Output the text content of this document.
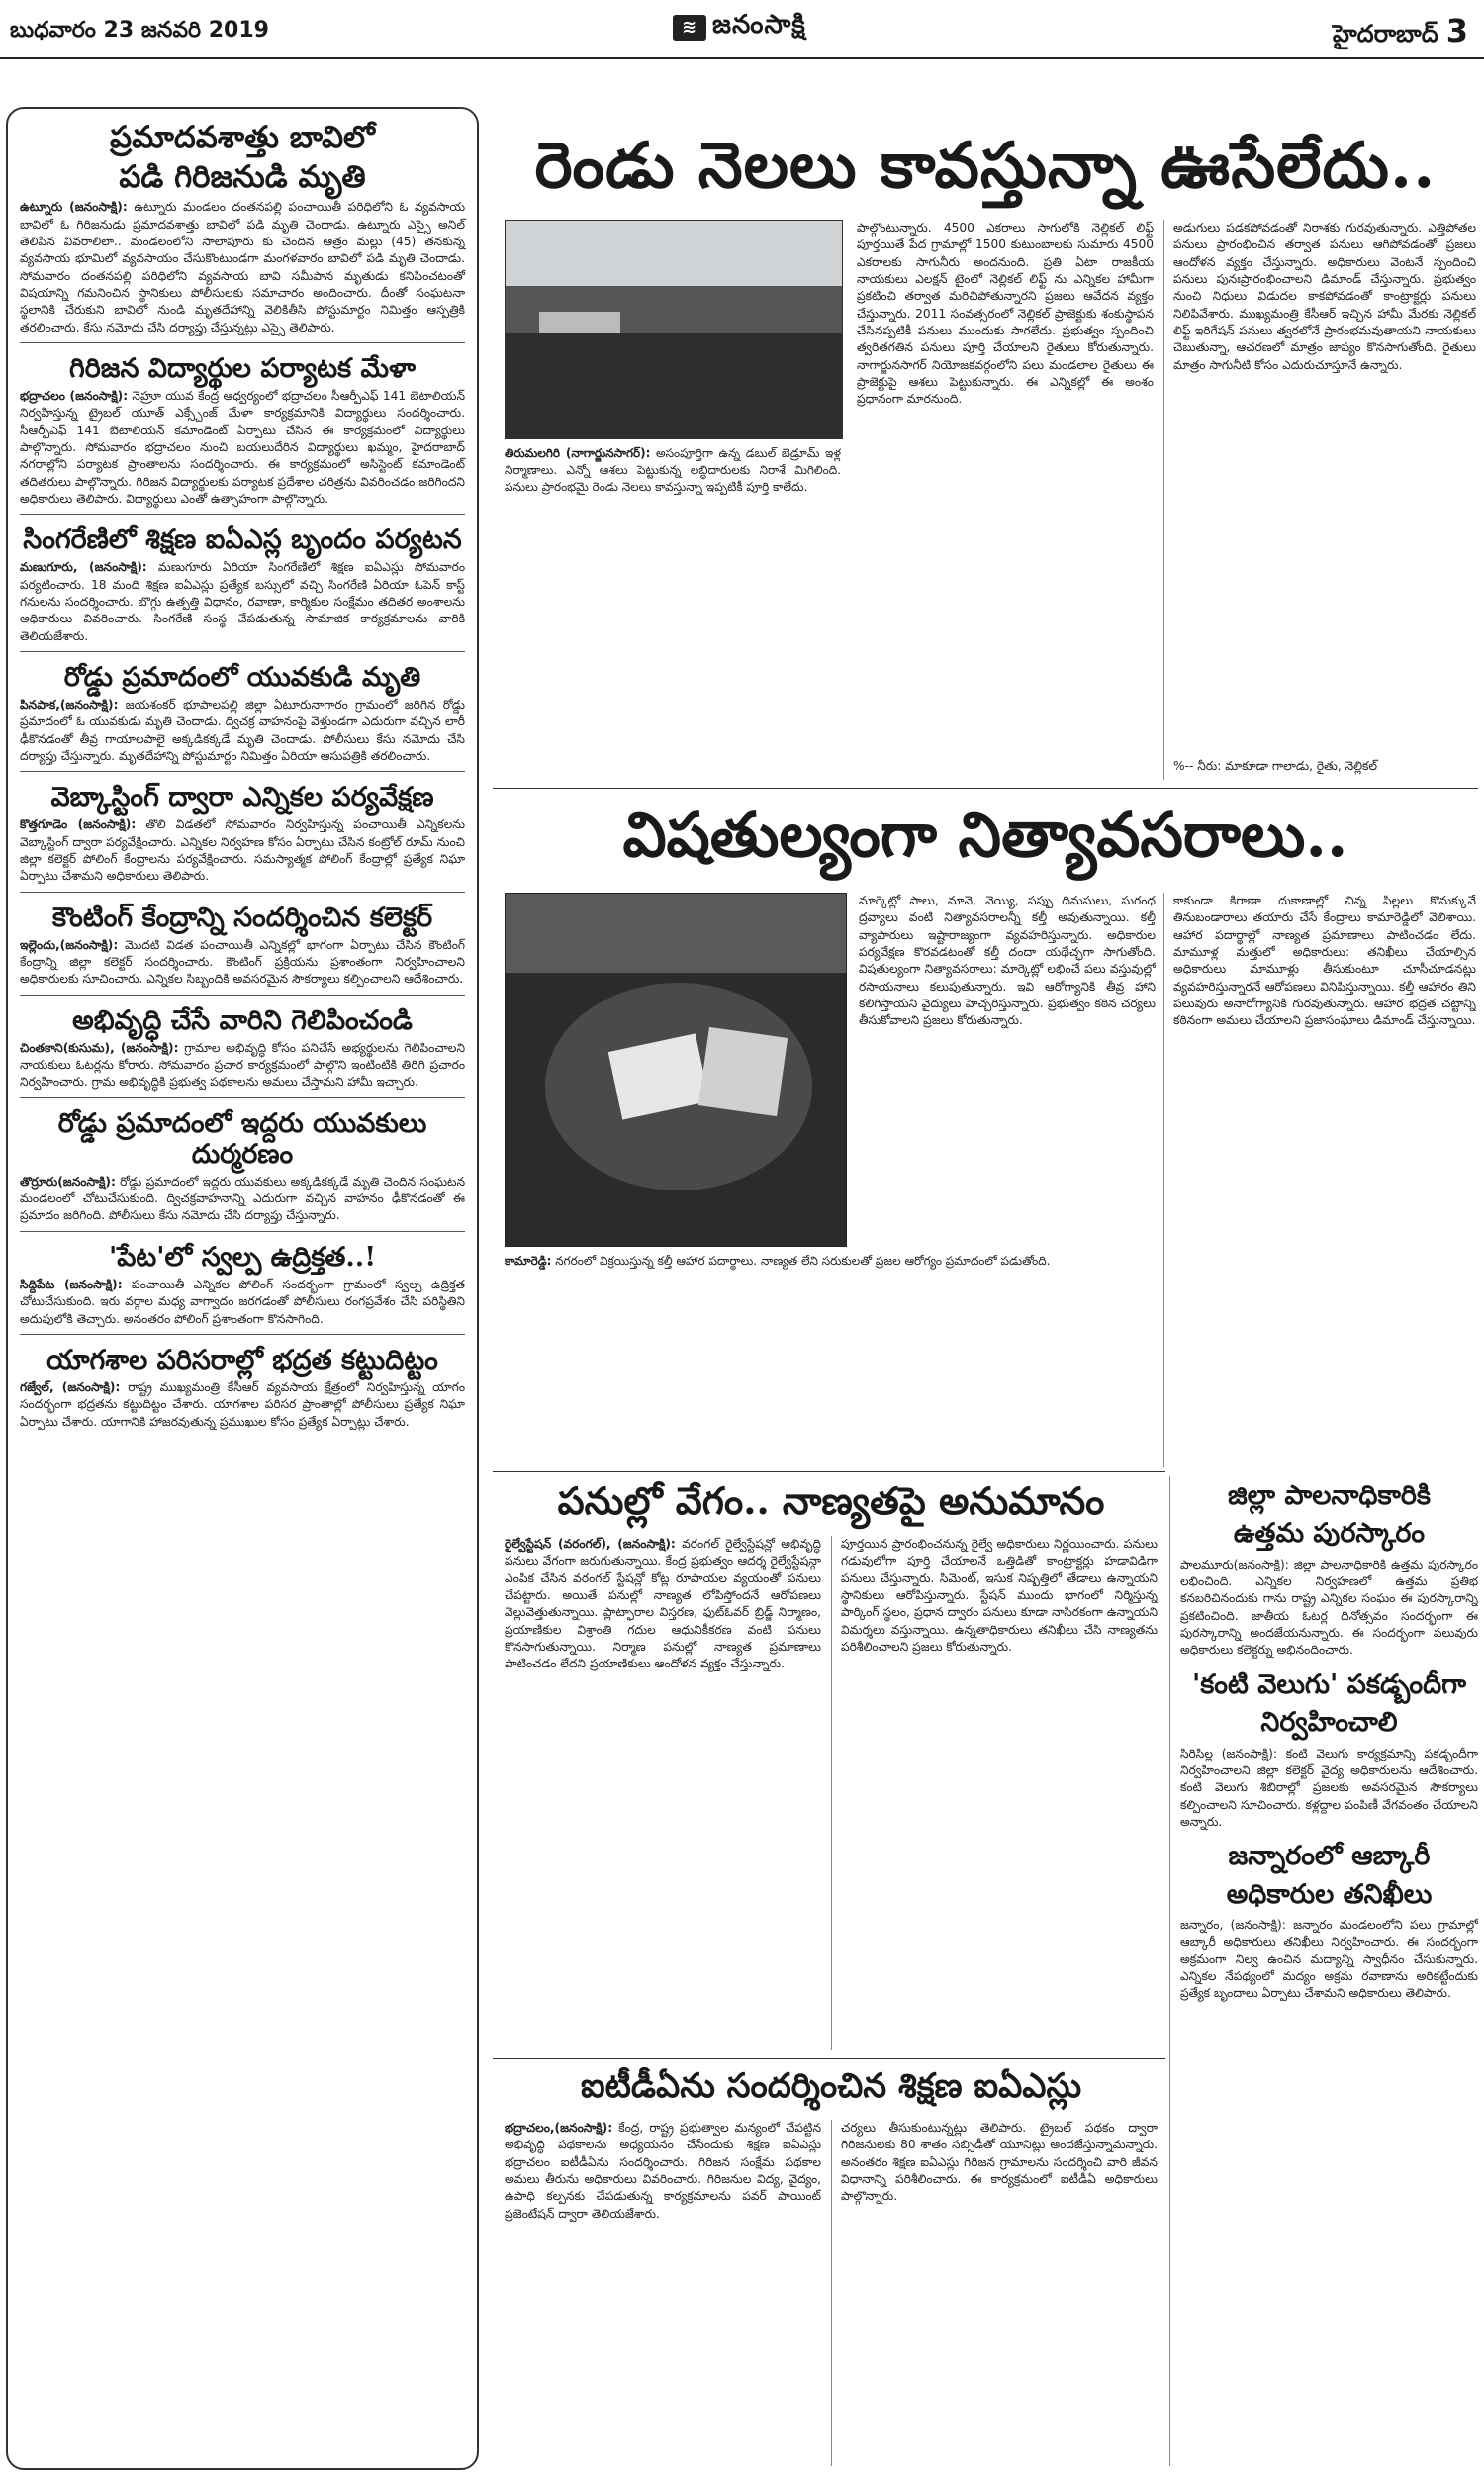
బుధవారం 23 జనవరి 2019	≋ జనంసాక్షి	హైదరాబాద్ 3
ప్రమాదవశాత్తు బావిలో
పడి గిరిజనుడి మృతి

ఉట్నూరు (జనంసాక్షి): ఉట్నూరు మండలం దంతనపల్లి పంచాయితీ పరిధిలోని ఓ వ్యవసాయ బావిలో ఓ గిరిజనుడు ప్రమాదవశాత్తు బావిలో పడి మృతి చెందాడు. ఉట్నూరు ఎస్సై అనిల్ తెలిపిన వివరాలిలా.. మండలంలోని సాలాపూరు కు చెందిన ఆత్రం మల్లు (45) తనకున్న వ్యవసాయ భూమిలో వ్యవసాయం చేసుకొంటుండగా మంగళవారం బావిలో పడి మృతి చెందాడు. సోమవారం దంతనపల్లి పరిధిలోని వ్యవసాయ బావి సమీపాన మృతుడు కనిపించటంతో విషయాన్ని గమనించిన స్థానికులు పోలీసులకు సమాచారం అందించారు. దీంతో సంఘటనా స్థలానికి చేరుకుని బావిలో నుండి మృతదేహాన్ని వెలికితీసి పోస్టుమార్టం నిమిత్తం ఆస్పత్రికి తరలించారు. కేసు నమోదు చేసి దర్యాప్తు చేస్తున్నట్లు ఎస్సై తెలిపారు.

గిరిజన విద్యార్థుల పర్యాటక మేళా

భద్రాచలం (జనంసాక్షి): నెహ్రూ యువ కేంద్ర ఆధ్వర్యంలో భద్రాచలం సీఆర్పీఎఫ్ 141 బెటాలియన్ నిర్వహిస్తున్న ట్రైబల్ యూత్ ఎక్స్చేంజ్ మేళా కార్యక్రమానికి విద్యార్థులు సందర్శించారు. సీఆర్పీఎఫ్ 141 బెటాలియన్ కమాండెంట్ ఏర్పాటు చేసిన ఈ కార్యక్రమంలో విద్యార్థులు పాల్గొన్నారు. సోమవారం భద్రాచలం నుంచి బయలుదేరిన విద్యార్థులు ఖమ్మం, హైదరాబాద్ నగరాల్లోని పర్యాటక ప్రాంతాలను సందర్శించారు. ఈ కార్యక్రమంలో అసిస్టెంట్ కమాండెంట్ తదితరులు పాల్గొన్నారు. గిరిజన విద్యార్థులకు పర్యాటక ప్రదేశాల చరిత్రను వివరించడం జరిగిందని అధికారులు తెలిపారు. విద్యార్థులు ఎంతో ఉత్సాహంగా పాల్గొన్నారు.

సింగరేణిలో శిక్షణ ఐఏఎస్ల బృందం పర్యటన

మణుగూరు, (జనంసాక్షి): మణుగూరు ఏరియా సింగరేణిలో శిక్షణ ఐఏఎస్లు సోమవారం పర్యటించారు. 18 మంది శిక్షణ ఐఏఎస్లు ప్రత్యేక బస్సులో వచ్చి సింగరేణి ఏరియా ఓపెన్ కాస్ట్ గనులను సందర్శించారు. బొగ్గు ఉత్పత్తి విధానం, రవాణా, కార్మికుల సంక్షేమం తదితర అంశాలను అధికారులు వివరించారు. సింగరేణి సంస్థ చేపడుతున్న సామాజిక కార్యక్రమాలను వారికి తెలియజేశారు.

రోడ్డు ప్రమాదంలో యువకుడి మృతి

పినపాక,(జనంసాక్షి): జయశంకర్ భూపాలపల్లి జిల్లా ఏటూరునాగారం గ్రామంలో జరిగిన రోడ్డు ప్రమాదంలో ఓ యువకుడు మృతి చెందాడు. ద్విచక్ర వాహనంపై వెళ్తుండగా ఎదురుగా వచ్చిన లారీ ఢీకొనడంతో తీవ్ర గాయాలపాలై అక్కడికక్కడే మృతి చెందాడు. పోలీసులు కేసు నమోదు చేసి దర్యాప్తు చేస్తున్నారు. మృతదేహాన్ని పోస్టుమార్టం నిమిత్తం ఏరియా ఆసుపత్రికి తరలించారు.

వెబ్కాస్టింగ్ ద్వారా ఎన్నికల పర్యవేక్షణ

కొత్తగూడెం (జనంసాక్షి): తొలి విడతలో సోమవారం నిర్వహిస్తున్న పంచాయితీ ఎన్నికలను వెబ్కాస్టింగ్ ద్వారా పర్యవేక్షించారు. ఎన్నికల నిర్వహణ కోసం ఏర్పాటు చేసిన కంట్రోల్ రూమ్ నుంచి జిల్లా కలెక్టర్ పోలింగ్ కేంద్రాలను పర్యవేక్షించారు. సమస్యాత్మక పోలింగ్ కేంద్రాల్లో ప్రత్యేక నిఘా ఏర్పాటు చేశామని అధికారులు తెలిపారు.

కౌంటింగ్ కేంద్రాన్ని సందర్శించిన కలెక్టర్

ఇల్లెందు,(జనంసాక్షి): మొదటి విడత పంచాయితీ ఎన్నికల్లో భాగంగా ఏర్పాటు చేసిన కౌంటింగ్ కేంద్రాన్ని జిల్లా కలెక్టర్ సందర్శించారు. కౌంటింగ్ ప్రక్రియను ప్రశాంతంగా నిర్వహించాలని అధికారులకు సూచించారు. ఎన్నికల సిబ్బందికి అవసరమైన సౌకర్యాలు కల్పించాలని ఆదేశించారు.

అభివృద్ధి చేసే వారిని గెలిపించండి

చింతకాని(కుసుమ), (జనంసాక్షి): గ్రామాల అభివృద్ధి కోసం పనిచేసే అభ్యర్థులను గెలిపించాలని నాయకులు ఓటర్లను కోరారు. సోమవారం ప్రచార కార్యక్రమంలో పాల్గొని ఇంటింటికి తిరిగి ప్రచారం నిర్వహించారు. గ్రామ అభివృద్ధికి ప్రభుత్వ పథకాలను అమలు చేస్తామని హామీ ఇచ్చారు.

రోడ్డు ప్రమాదంలో ఇద్దరు యువకులు దుర్మరణం

తొర్రూరు(జనంసాక్షి): రోడ్డు ప్రమాదంలో ఇద్దరు యువకులు అక్కడికక్కడే మృతి చెందిన సంఘటన మండలంలో చోటుచేసుకుంది. ద్విచక్రవాహనాన్ని ఎదురుగా వచ్చిన వాహనం ఢీకొనడంతో ఈ ప్రమాదం జరిగింది. పోలీసులు కేసు నమోదు చేసి దర్యాప్తు చేస్తున్నారు.

'పేట'లో స్వల్ప ఉద్రిక్తత..!

సిద్దిపేట (జనంసాక్షి): పంచాయితీ ఎన్నికల పోలింగ్ సందర్భంగా గ్రామంలో స్వల్ప ఉద్రిక్తత చోటుచేసుకుంది. ఇరు వర్గాల మధ్య వాగ్వాదం జరగడంతో పోలీసులు రంగప్రవేశం చేసి పరిస్థితిని అదుపులోకి తెచ్చారు. అనంతరం పోలింగ్ ప్రశాంతంగా కొనసాగింది.

యాగశాల పరిసరాల్లో భద్రత కట్టుదిట్టం

గజ్వేల్, (జనంసాక్షి): రాష్ట్ర ముఖ్యమంత్రి కేసీఆర్ వ్యవసాయ క్షేత్రంలో నిర్వహిస్తున్న యాగం సందర్భంగా భద్రతను కట్టుదిట్టం చేశారు. యాగశాల పరిసర ప్రాంతాల్లో పోలీసులు ప్రత్యేక నిఘా ఏర్పాటు చేశారు. యాగానికి హాజరవుతున్న ప్రముఖుల కోసం ప్రత్యేక ఏర్పాట్లు చేశారు.

రెండు నెలలు కావస్తున్నా ఊసేలేదు..
తిరుమలగిరి (నాగార్జునసాగర్): అసంపూర్తిగా ఉన్న డబుల్ బెడ్రూమ్ ఇళ్ల నిర్మాణాలు. ఎన్నో ఆశలు పెట్టుకున్న లబ్ధిదారులకు నిరాశే మిగిలింది. పనులు ప్రారంభమై రెండు నెలలు కావస్తున్నా ఇప్పటికీ పూర్తి కాలేదు.
పాల్గొంటున్నారు. 4500 ఎకరాలు సాగులోకి నెల్లికల్ లిఫ్ట్ పూర్తయితే పేద గ్రామాల్లో 1500 కుటుంబాలకు సుమారు 4500 ఎకరాలకు సాగునీరు అందనుంది. ప్రతి ఏటా రాజకీయ నాయకులు ఎలక్షన్ టైంలో నెల్లికల్ లిఫ్ట్ ను ఎన్నికల హామీగా ప్రకటించి తర్వాత మరిచిపోతున్నారని ప్రజలు ఆవేదన వ్యక్తం చేస్తున్నారు. 2011 సంవత్సరంలో నెల్లికల్ ప్రాజెక్టుకు శంకుస్థాపన చేసినప్పటికీ పనులు ముందుకు సాగలేదు. ప్రభుత్వం స్పందించి త్వరితగతిన పనులు పూర్తి చేయాలని రైతులు కోరుతున్నారు. నాగార్జునసాగర్ నియోజకవర్గంలోని పలు మండలాల రైతులు ఈ ప్రాజెక్టుపై ఆశలు పెట్టుకున్నారు. ఈ ఎన్నికల్లో ఈ అంశం ప్రధానంగా మారనుంది.
అడుగులు పడకపోవడంతో నిరాశకు గురవుతున్నారు. ఎత్తిపోతల పనులు ప్రారంభించిన తర్వాత పనులు ఆగిపోవడంతో ప్రజలు ఆందోళన వ్యక్తం చేస్తున్నారు. అధికారులు వెంటనే స్పందించి పనులు పునఃప్రారంభించాలని డిమాండ్ చేస్తున్నారు. ప్రభుత్వం నుంచి నిధులు విడుదల కాకపోవడంతో కాంట్రాక్టర్లు పనులు నిలిపివేశారు. ముఖ్యమంత్రి కేసీఆర్ ఇచ్చిన హామీ మేరకు నెల్లికల్ లిఫ్ట్ ఇరిగేషన్ పనులు త్వరలోనే ప్రారంభమవుతాయని నాయకులు చెబుతున్నా, ఆచరణలో మాత్రం జాప్యం కొనసాగుతోంది. రైతులు మాత్రం సాగునీటి కోసం ఎదురుచూస్తూనే ఉన్నారు.
%-- నీరు: మాకూడా గాలాడు, రైతు, నెల్లికల్
విషతుల్యంగా నిత్యావసరాలు..
కామారెడ్డి: నగరంలో విక్రయిస్తున్న కల్తీ ఆహార పదార్థాలు. నాణ్యత లేని సరుకులతో ప్రజల ఆరోగ్యం ప్రమాదంలో పడుతోంది.
మార్కెట్లో పాలు, నూనె, నెయ్యి, పప్పు దినుసులు, సుగంధ ద్రవ్యాలు వంటి నిత్యావసరాలన్నీ కల్తీ అవుతున్నాయి. కల్తీ వ్యాపారులు ఇష్టారాజ్యంగా వ్యవహరిస్తున్నారు. అధికారుల పర్యవేక్షణ కొరవడటంతో కల్తీ దందా యథేచ్ఛగా సాగుతోంది. విషతుల్యంగా నిత్యావసరాలు: మార్కెట్లో లభించే పలు వస్తువుల్లో రసాయనాలు కలుపుతున్నారు. ఇవి ఆరోగ్యానికి తీవ్ర హాని కలిగిస్తాయని వైద్యులు హెచ్చరిస్తున్నారు. ప్రభుత్వం కఠిన చర్యలు తీసుకోవాలని ప్రజలు కోరుతున్నారు.
కాకుండా కిరాణా దుకాణాల్లో చిన్న పిల్లలు కొనుక్కునే తినుబండారాలు తయారు చేసే కేంద్రాలు కామారెడ్డిలో వెలిశాయి. ఆహార పదార్థాల్లో నాణ్యత ప్రమాణాలు పాటించడం లేదు. మామూళ్ల మత్తులో అధికారులు: తనిఖీలు చేయాల్సిన అధికారులు మామూళ్లు తీసుకుంటూ చూసీచూడనట్లు వ్యవహరిస్తున్నారనే ఆరోపణలు వినిపిస్తున్నాయి. కల్తీ ఆహారం తిని పలువురు అనారోగ్యానికి గురవుతున్నారు. ఆహార భద్రత చట్టాన్ని కఠినంగా అమలు చేయాలని ప్రజాసంఘాలు డిమాండ్ చేస్తున్నాయి.
పనుల్లో వేగం.. నాణ్యతపై అనుమానం
రైల్వేస్టేషన్ (వరంగల్), (జనంసాక్షి): వరంగల్ రైల్వేస్టేషన్లో అభివృద్ధి పనులు వేగంగా జరుగుతున్నాయి. కేంద్ర ప్రభుత్వం ఆదర్శ రైల్వేస్టేషన్గా ఎంపిక చేసిన వరంగల్ స్టేషన్లో కోట్ల రూపాయల వ్యయంతో పనులు చేపట్టారు. అయితే పనుల్లో నాణ్యత లోపిస్తోందనే ఆరోపణలు వెల్లువెత్తుతున్నాయి. ప్లాట్ఫారాల విస్తరణ, ఫుట్ఓవర్ బ్రిడ్జ్ నిర్మాణం, ప్రయాణికుల విశ్రాంతి గదుల ఆధునికీకరణ వంటి పనులు కొనసాగుతున్నాయి. నిర్మాణ పనుల్లో నాణ్యత ప్రమాణాలు పాటించడం లేదని ప్రయాణికులు ఆందోళన వ్యక్తం చేస్తున్నారు.
పూర్తయిన ప్రారంభించనున్న రైల్వే అధికారులు నిర్ణయించారు. పనులు గడువులోగా పూర్తి చేయాలనే ఒత్తిడితో కాంట్రాక్టర్లు హడావిడిగా పనులు చేస్తున్నారు. సిమెంట్, ఇసుక నిష్పత్తిలో తేడాలు ఉన్నాయని స్థానికులు ఆరోపిస్తున్నారు. స్టేషన్ ముందు భాగంలో నిర్మిస్తున్న పార్కింగ్ స్థలం, ప్రధాన ద్వారం పనులు కూడా నాసిరకంగా ఉన్నాయని విమర్శలు వస్తున్నాయి. ఉన్నతాధికారులు తనిఖీలు చేసి నాణ్యతను పరిశీలించాలని ప్రజలు కోరుతున్నారు.
ఐటీడీఏను సందర్శించిన శిక్షణ ఐఏఎస్లు
భద్రాచలం,(జనంసాక్షి): కేంద్ర, రాష్ట్ర ప్రభుత్వాల మన్యంలో చేపట్టిన అభివృద్ధి పథకాలను అధ్యయనం చేసేందుకు శిక్షణ ఐఏఎస్లు భద్రాచలం ఐటీడీఏను సందర్శించారు. గిరిజన సంక్షేమ పథకాల అమలు తీరును అధికారులు వివరించారు. గిరిజనుల విద్య, వైద్యం, ఉపాధి కల్పనకు చేపడుతున్న కార్యక్రమాలను పవర్ పాయింట్ ప్రజెంటేషన్ ద్వారా తెలియజేశారు.
చర్యలు తీసుకుంటున్నట్లు తెలిపారు. ట్రైబల్ పథకం ద్వారా గిరిజనులకు 80 శాతం సబ్సిడీతో యూనిట్లు అందజేస్తున్నామన్నారు. అనంతరం శిక్షణ ఐఏఎస్లు గిరిజన గ్రామాలను సందర్శించి వారి జీవన విధానాన్ని పరిశీలించారు. ఈ కార్యక్రమంలో ఐటీడీఏ అధికారులు పాల్గొన్నారు.
జిల్లా పాలనాధికారికి
ఉత్తమ పురస్కారం

పాలమూరు(జనంసాక్షి): జిల్లా పాలనాధికారికి ఉత్తమ పురస్కారం లభించింది. ఎన్నికల నిర్వహణలో ఉత్తమ ప్రతిభ కనబరిచినందుకు గాను రాష్ట్ర ఎన్నికల సంఘం ఈ పురస్కారాన్ని ప్రకటించింది. జాతీయ ఓటర్ల దినోత్సవం సందర్భంగా ఈ పురస్కారాన్ని అందజేయనున్నారు. ఈ సందర్భంగా పలువురు అధికారులు కలెక్టర్ను అభినందించారు.

'కంటి వెలుగు' పకడ్బందీగా
నిర్వహించాలి

సిరిసిల్ల (జనంసాక్షి): కంటి వెలుగు కార్యక్రమాన్ని పకడ్బందీగా నిర్వహించాలని జిల్లా కలెక్టర్ వైద్య అధికారులను ఆదేశించారు. కంటి వెలుగు శిబిరాల్లో ప్రజలకు అవసరమైన సౌకర్యాలు కల్పించాలని సూచించారు. కళ్లద్దాల పంపిణీ వేగవంతం చేయాలని అన్నారు.

జన్నారంలో ఆబ్కారీ
అధికారుల తనిఖీలు

జన్నారం, (జనంసాక్షి): జన్నారం మండలంలోని పలు గ్రామాల్లో ఆబ్కారీ అధికారులు తనిఖీలు నిర్వహించారు. ఈ సందర్భంగా అక్రమంగా నిల్వ ఉంచిన మద్యాన్ని స్వాధీనం చేసుకున్నారు. ఎన్నికల నేపథ్యంలో మద్యం అక్రమ రవాణాను అరికట్టేందుకు ప్రత్యేక బృందాలు ఏర్పాటు చేశామని అధికారులు తెలిపారు.
